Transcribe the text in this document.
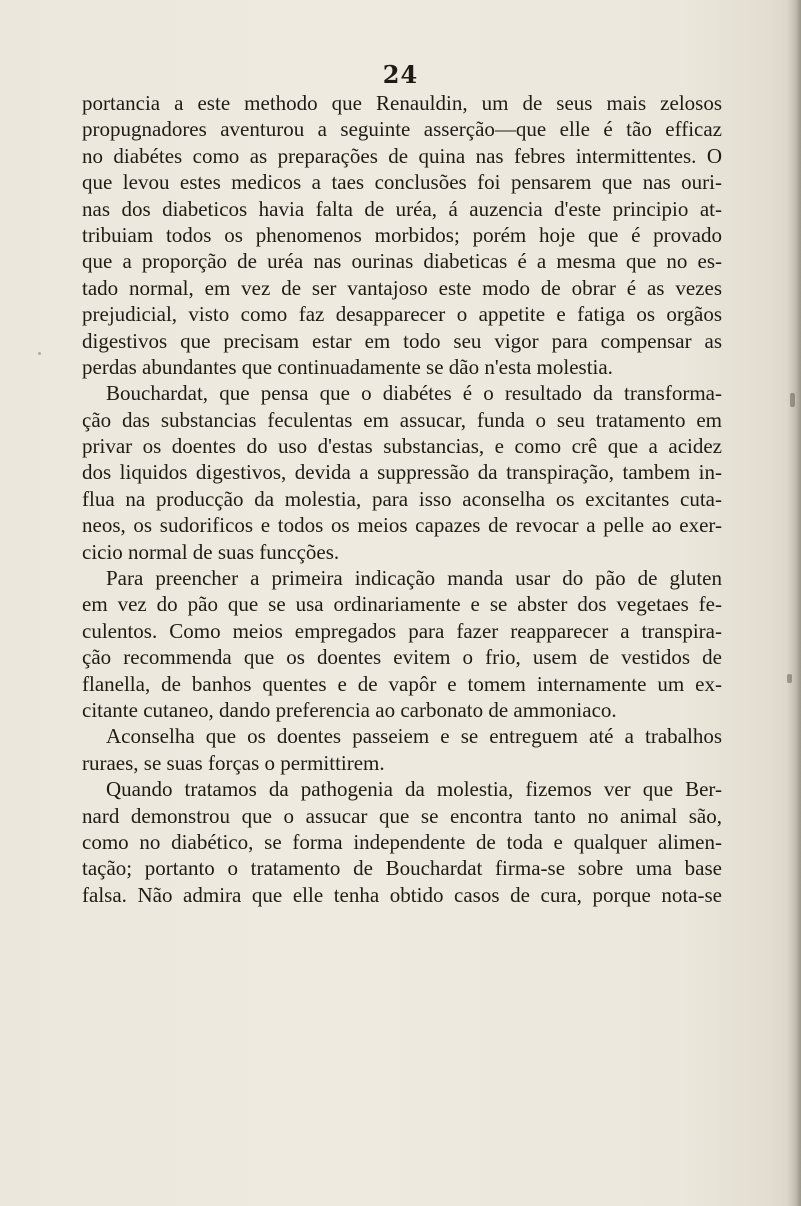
24
portancia a este methodo que Renauldin, um de seus mais zelosos
propugnadores aventurou a seguinte asserção—que elle é tão efficaz
no diabétes como as preparações de quina nas febres intermittentes. O
que levou estes medicos a taes conclusões foi pensarem que nas ouri-
nas dos diabeticos havia falta de uréa, á auzencia d'este principio at-
tribuiam todos os phenomenos morbidos; porém hoje que é provado
que a proporção de uréa nas ourinas diabeticas é a mesma que no es-
tado normal, em vez de ser vantajoso este modo de obrar é as vezes
prejudicial, visto como faz desapparecer o appetite e fatiga os orgãos
digestivos que precisam estar em todo seu vigor para compensar as
perdas abundantes que continuadamente se dão n'esta molestia.
Bouchardat, que pensa que o diabétes é o resultado da transforma-
ção das substancias feculentas em assucar, funda o seu tratamento em
privar os doentes do uso d'estas substancias, e como crê que a acidez
dos liquidos digestivos, devida a suppressão da transpiração, tambem in-
flua na producção da molestia, para isso aconselha os excitantes cuta-
neos, os sudorificos e todos os meios capazes de revocar a pelle ao exer-
cicio normal de suas funcções.
Para preencher a primeira indicação manda usar do pão de gluten
em vez do pão que se usa ordinariamente e se abster dos vegetaes fe-
culentos. Como meios empregados para fazer reapparecer a transpira-
ção recommenda que os doentes evitem o frio, usem de vestidos de
flanella, de banhos quentes e de vapôr e tomem internamente um ex-
citante cutaneo, dando preferencia ao carbonato de ammoniaco.
Aconselha que os doentes passeiem e se entreguem até a trabalhos
ruraes, se suas forças o permittirem.
Quando tratamos da pathogenia da molestia, fizemos ver que Ber-
nard demonstrou que o assucar que se encontra tanto no animal são,
como no diabético, se forma independente de toda e qualquer alimen-
tação; portanto o tratamento de Bouchardat firma-se sobre uma base
falsa. Não admira que elle tenha obtido casos de cura, porque nota-se
